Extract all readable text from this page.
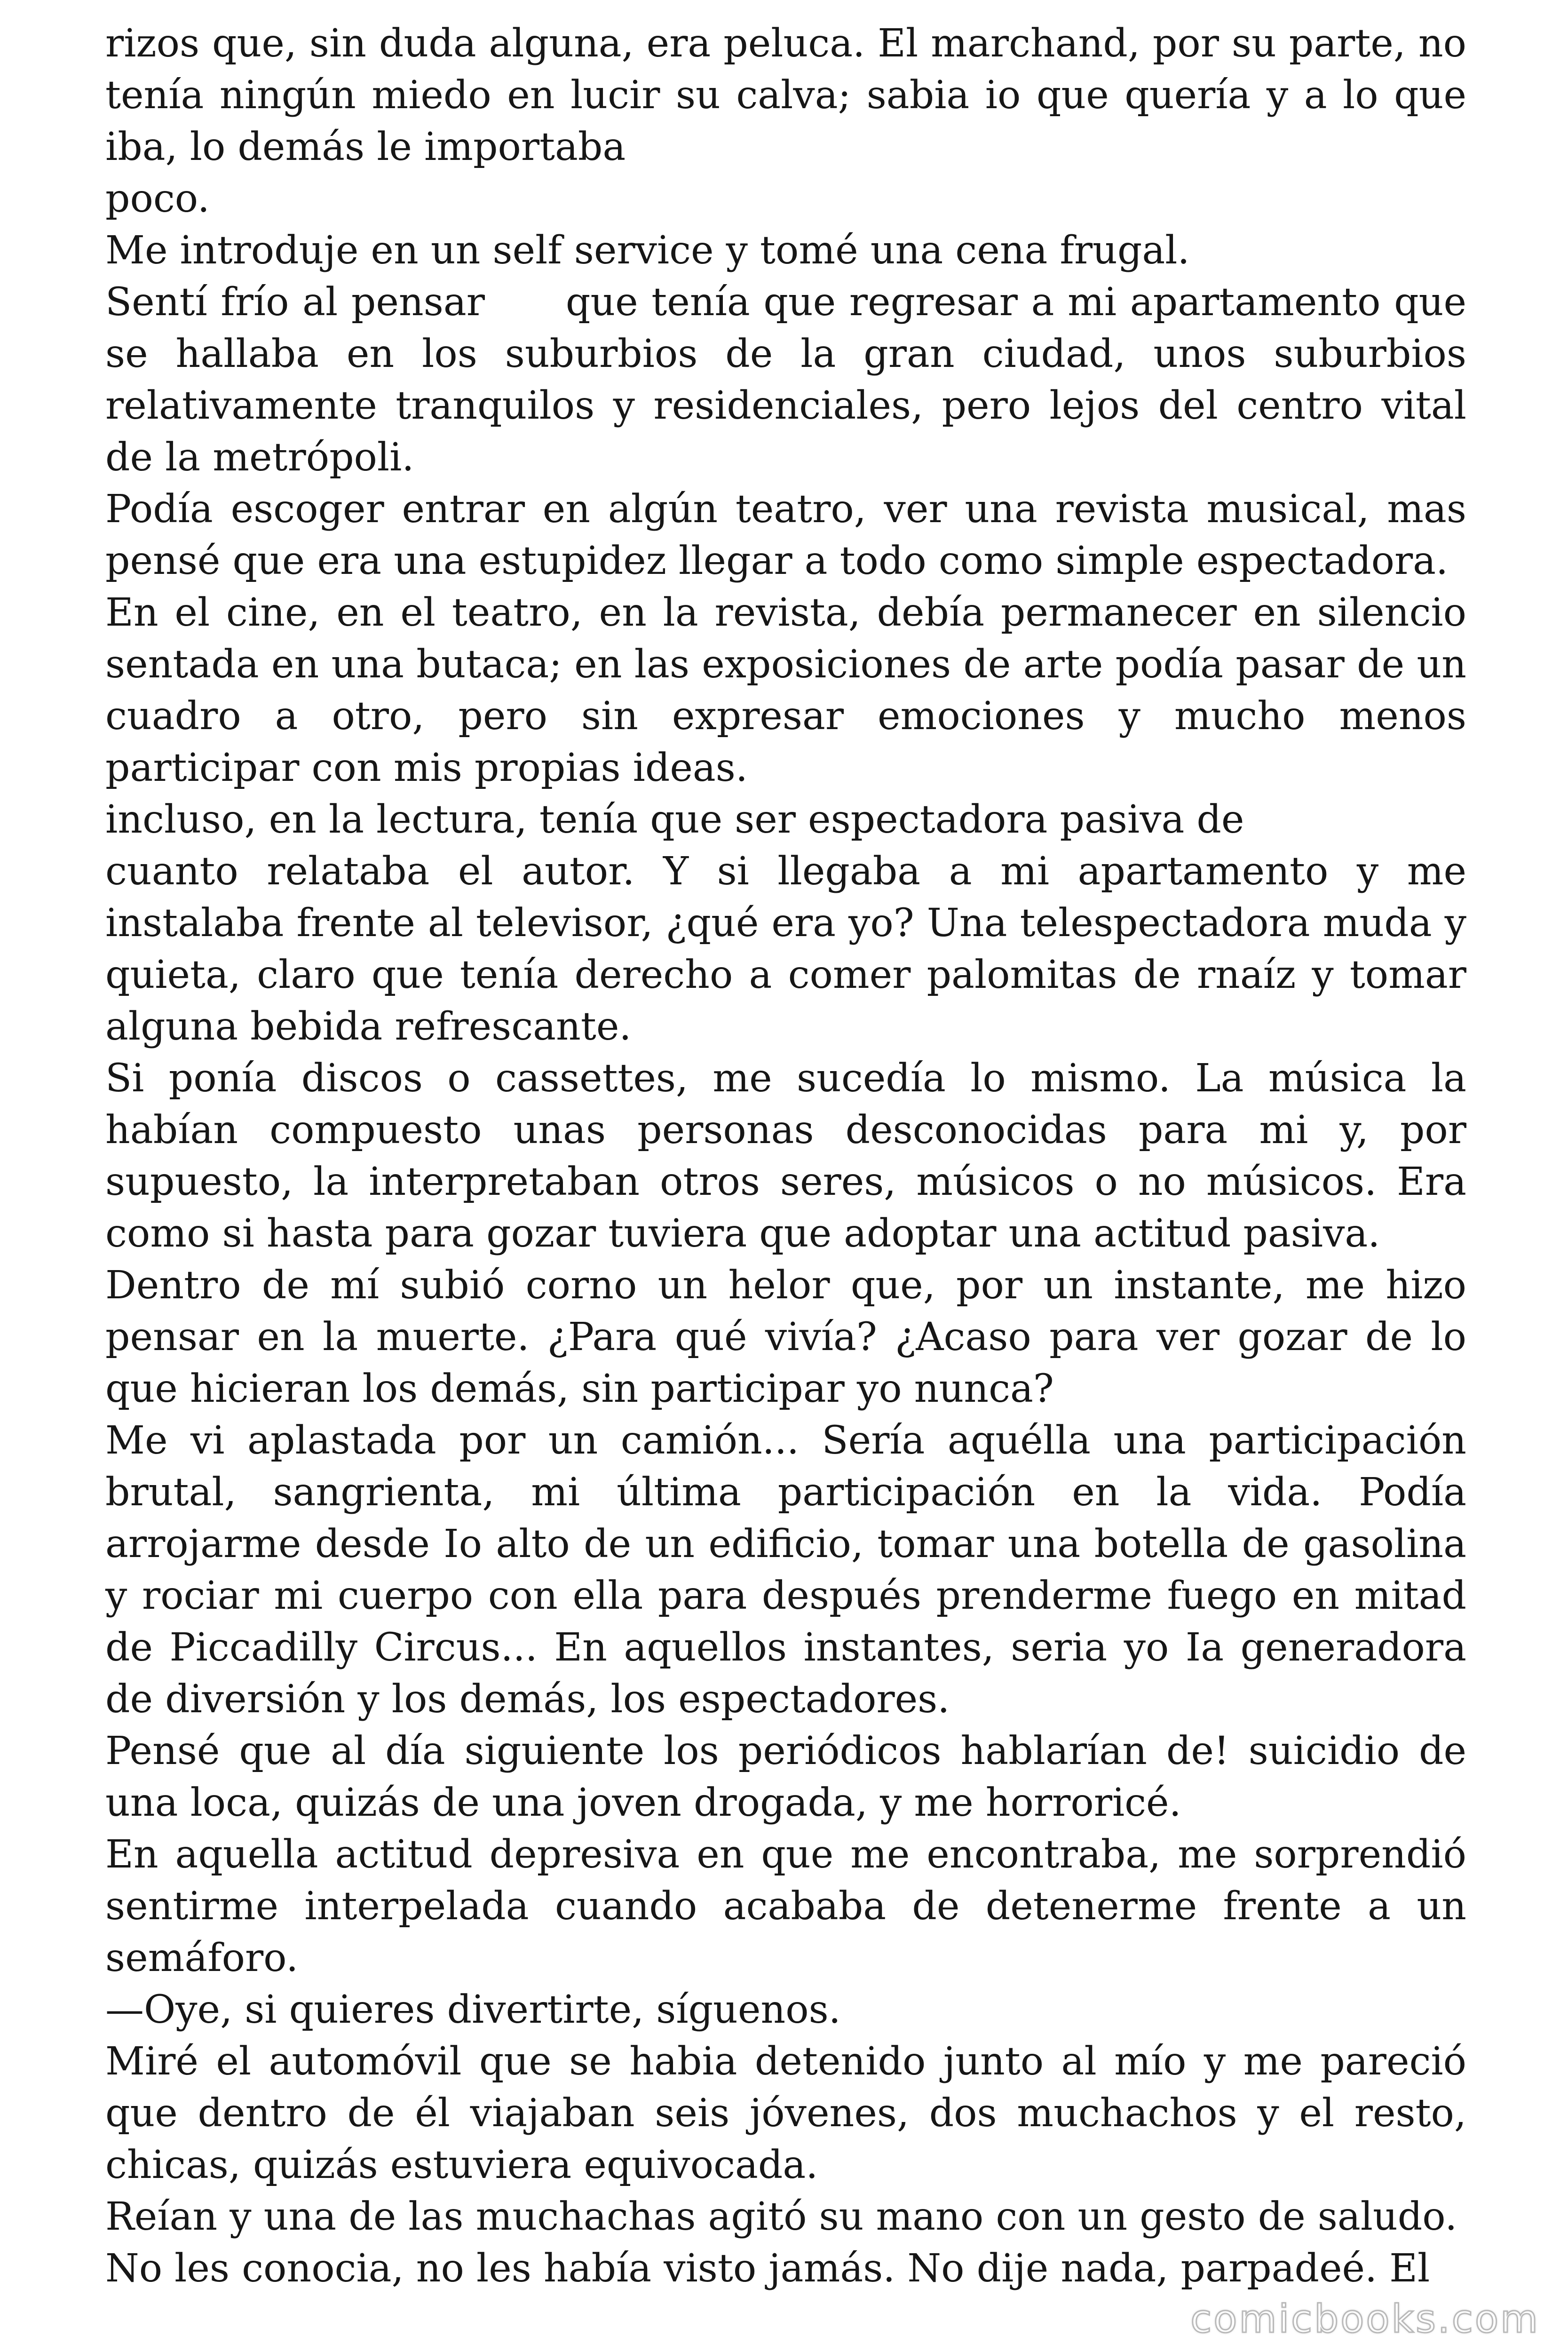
rizos que, sin duda alguna, era peluca. El marchand, por su parte, no tenía ningún miedo en lucir su calva; sabia io que quería y a lo que iba, lo demás le importaba

poco.

Me introduje en un self service y tomé una cena frugal.

Sentí frío al pensar      que tenía que regresar a mi apartamento que se hallaba en los suburbios de la gran ciudad, unos suburbios relativamente tranquilos y residenciales, pero lejos del centro vital de la metrópoli.

Podía escoger entrar en algún teatro, ver una revista musical, mas pensé que era una estupidez llegar a todo como simple espectadora.

En el cine, en el teatro, en la revista, debía permanecer en silencio sentada en una butaca; en las exposiciones de arte podía pasar de un cuadro a otro, pero sin expresar emociones y mucho menos participar con mis propias ideas.

incluso, en la lectura, tenía que ser espectadora pasiva de

cuanto relataba el autor. Y si llegaba a mi apartamento y me instalaba frente al televisor, ¿qué era yo? Una telespectadora muda y quieta, claro que tenía derecho a comer palomitas de rnaíz y tomar alguna bebida refrescante.

Si ponía discos o cassettes, me sucedía lo mismo. La música la habían compuesto unas personas desconocidas para mi y, por supuesto, la interpretaban otros seres, músicos o no músicos. Era como si hasta para gozar tuviera que adoptar una actitud pasiva.

Dentro de mí subió corno un helor que, por un instante, me hizo pensar en la muerte. ¿Para qué vivía? ¿Acaso para ver gozar de lo que hicieran los demás, sin participar yo nunca?

Me vi aplastada por un camión... Sería aquélla una participación brutal, sangrienta, mi última participación en la vida. Podía arrojarme desde Io alto de un edificio, tomar una botella de gasolina y rociar mi cuerpo con ella para después prenderme fuego en mitad de Piccadilly Circus... En aquellos instantes, seria yo Ia generadora de diversión y los demás, los espectadores.

Pensé que al día siguiente los periódicos hablarían de! suicidio de una loca, quizás de una joven drogada, y me horroricé.

En aquella actitud depresiva en que me encontraba, me sorprendió sentirme interpelada cuando acababa de detenerme frente a un semáforo.

—Oye, si quieres divertirte, síguenos.

Miré el automóvil que se habia detenido junto al mío y me pareció que dentro de él viajaban seis jóvenes, dos muchachos y el resto, chicas, quizás estuviera equivocada.

Reían y una de las muchachas agitó su mano con un gesto de saludo.

No les conocia, no les había visto jamás. No dije nada, parpadeé. El

comicbooks.com
